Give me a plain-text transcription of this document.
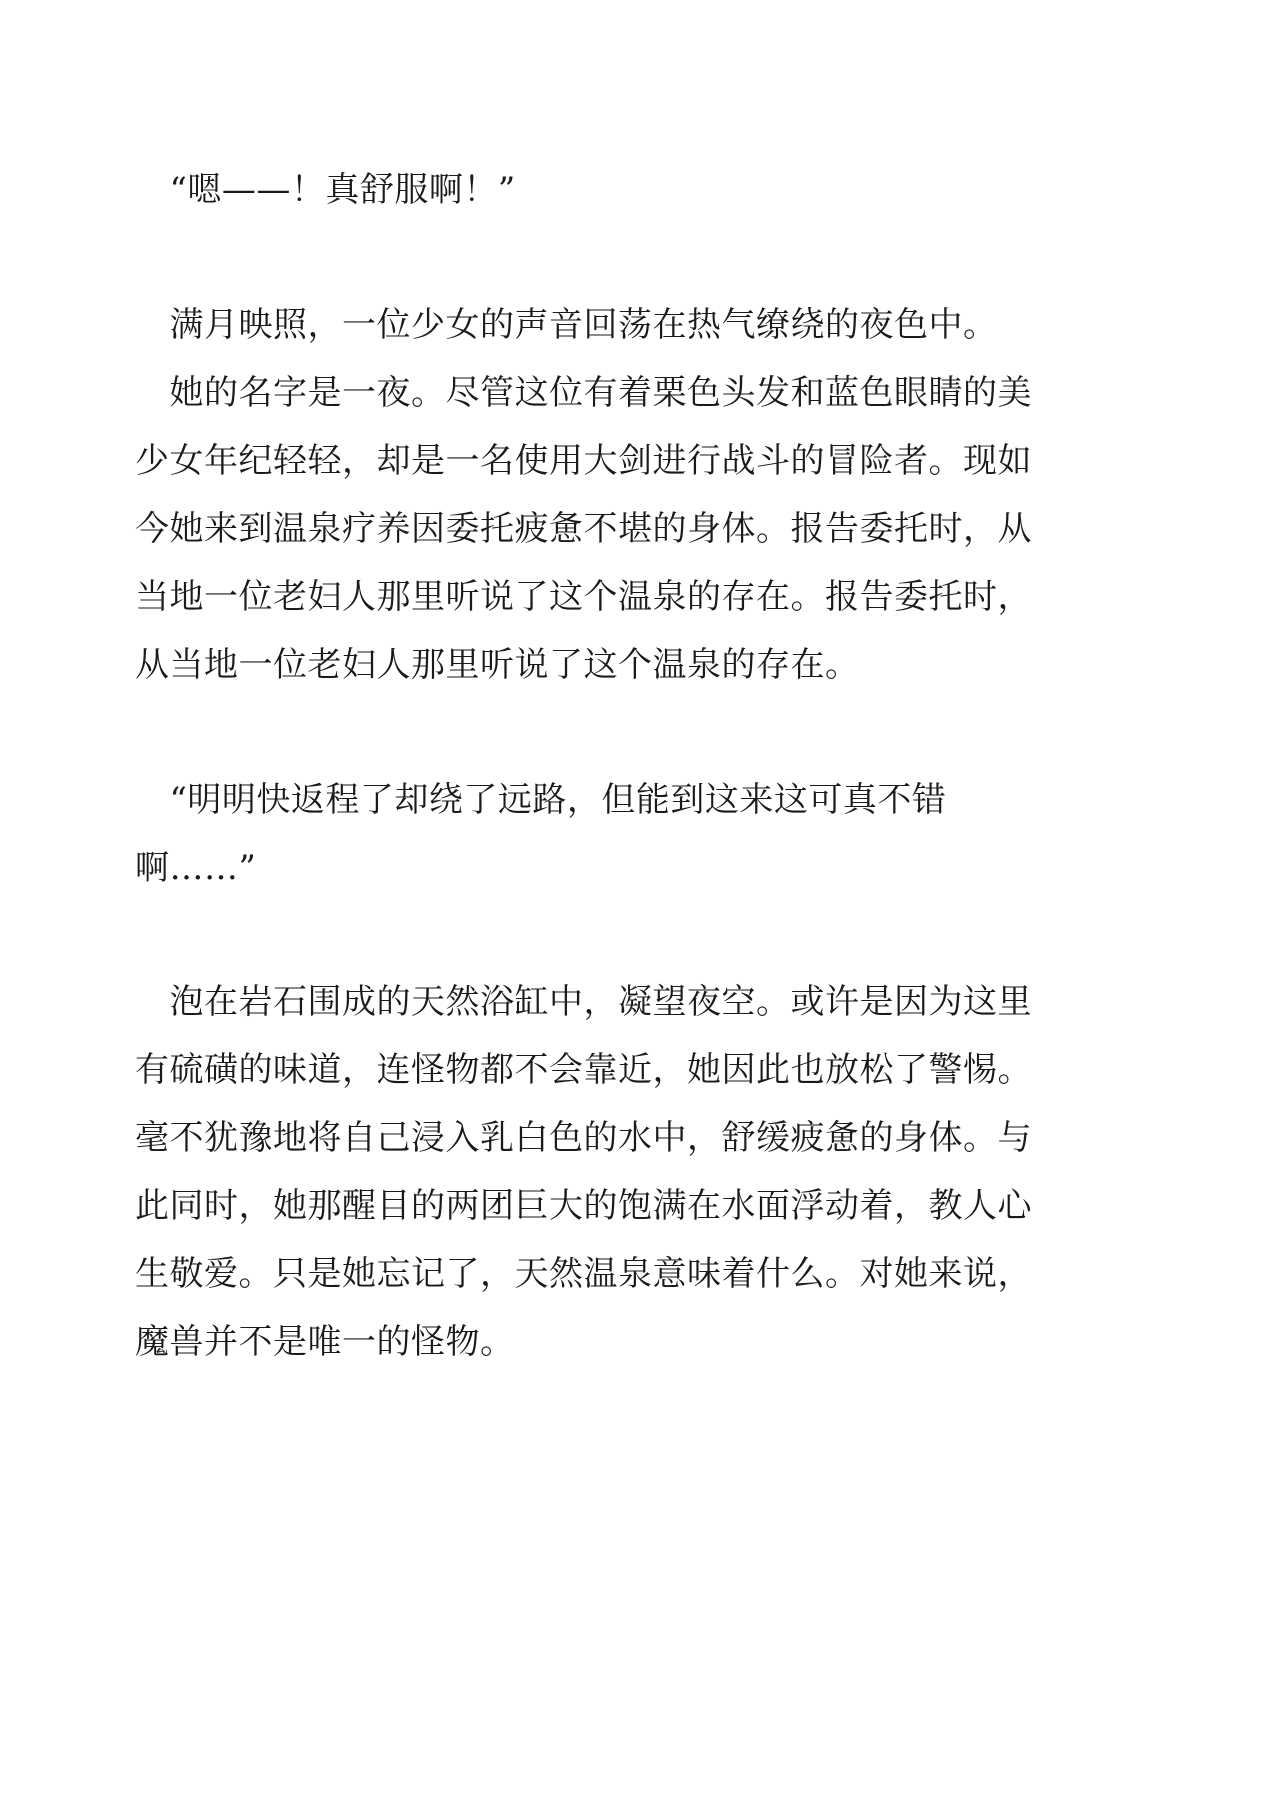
　“嗯——！真舒服啊！”
　满月映照，一位少女的声音回荡在热气缭绕的夜色中。
　她的名字是一夜。尽管这位有着栗色头发和蓝色眼睛的美
少女年纪轻轻，却是一名使用大剑进行战斗的冒险者。现如
今她来到温泉疗养因委托疲惫不堪的身体。报告委托时，从
当地一位老妇人那里听说了这个温泉的存在。报告委托时，
从当地一位老妇人那里听说了这个温泉的存在。
　“明明快返程了却绕了远路，但能到这来这可真不错
啊……”
　泡在岩石围成的天然浴缸中，凝望夜空。或许是因为这里
有硫磺的味道，连怪物都不会靠近，她因此也放松了警惕。
毫不犹豫地将自己浸入乳白色的水中，舒缓疲惫的身体。与
此同时，她那醒目的两团巨大的饱满在水面浮动着，教人心
生敬爱。只是她忘记了，天然温泉意味着什么。对她来说，
魔兽并不是唯一的怪物。
